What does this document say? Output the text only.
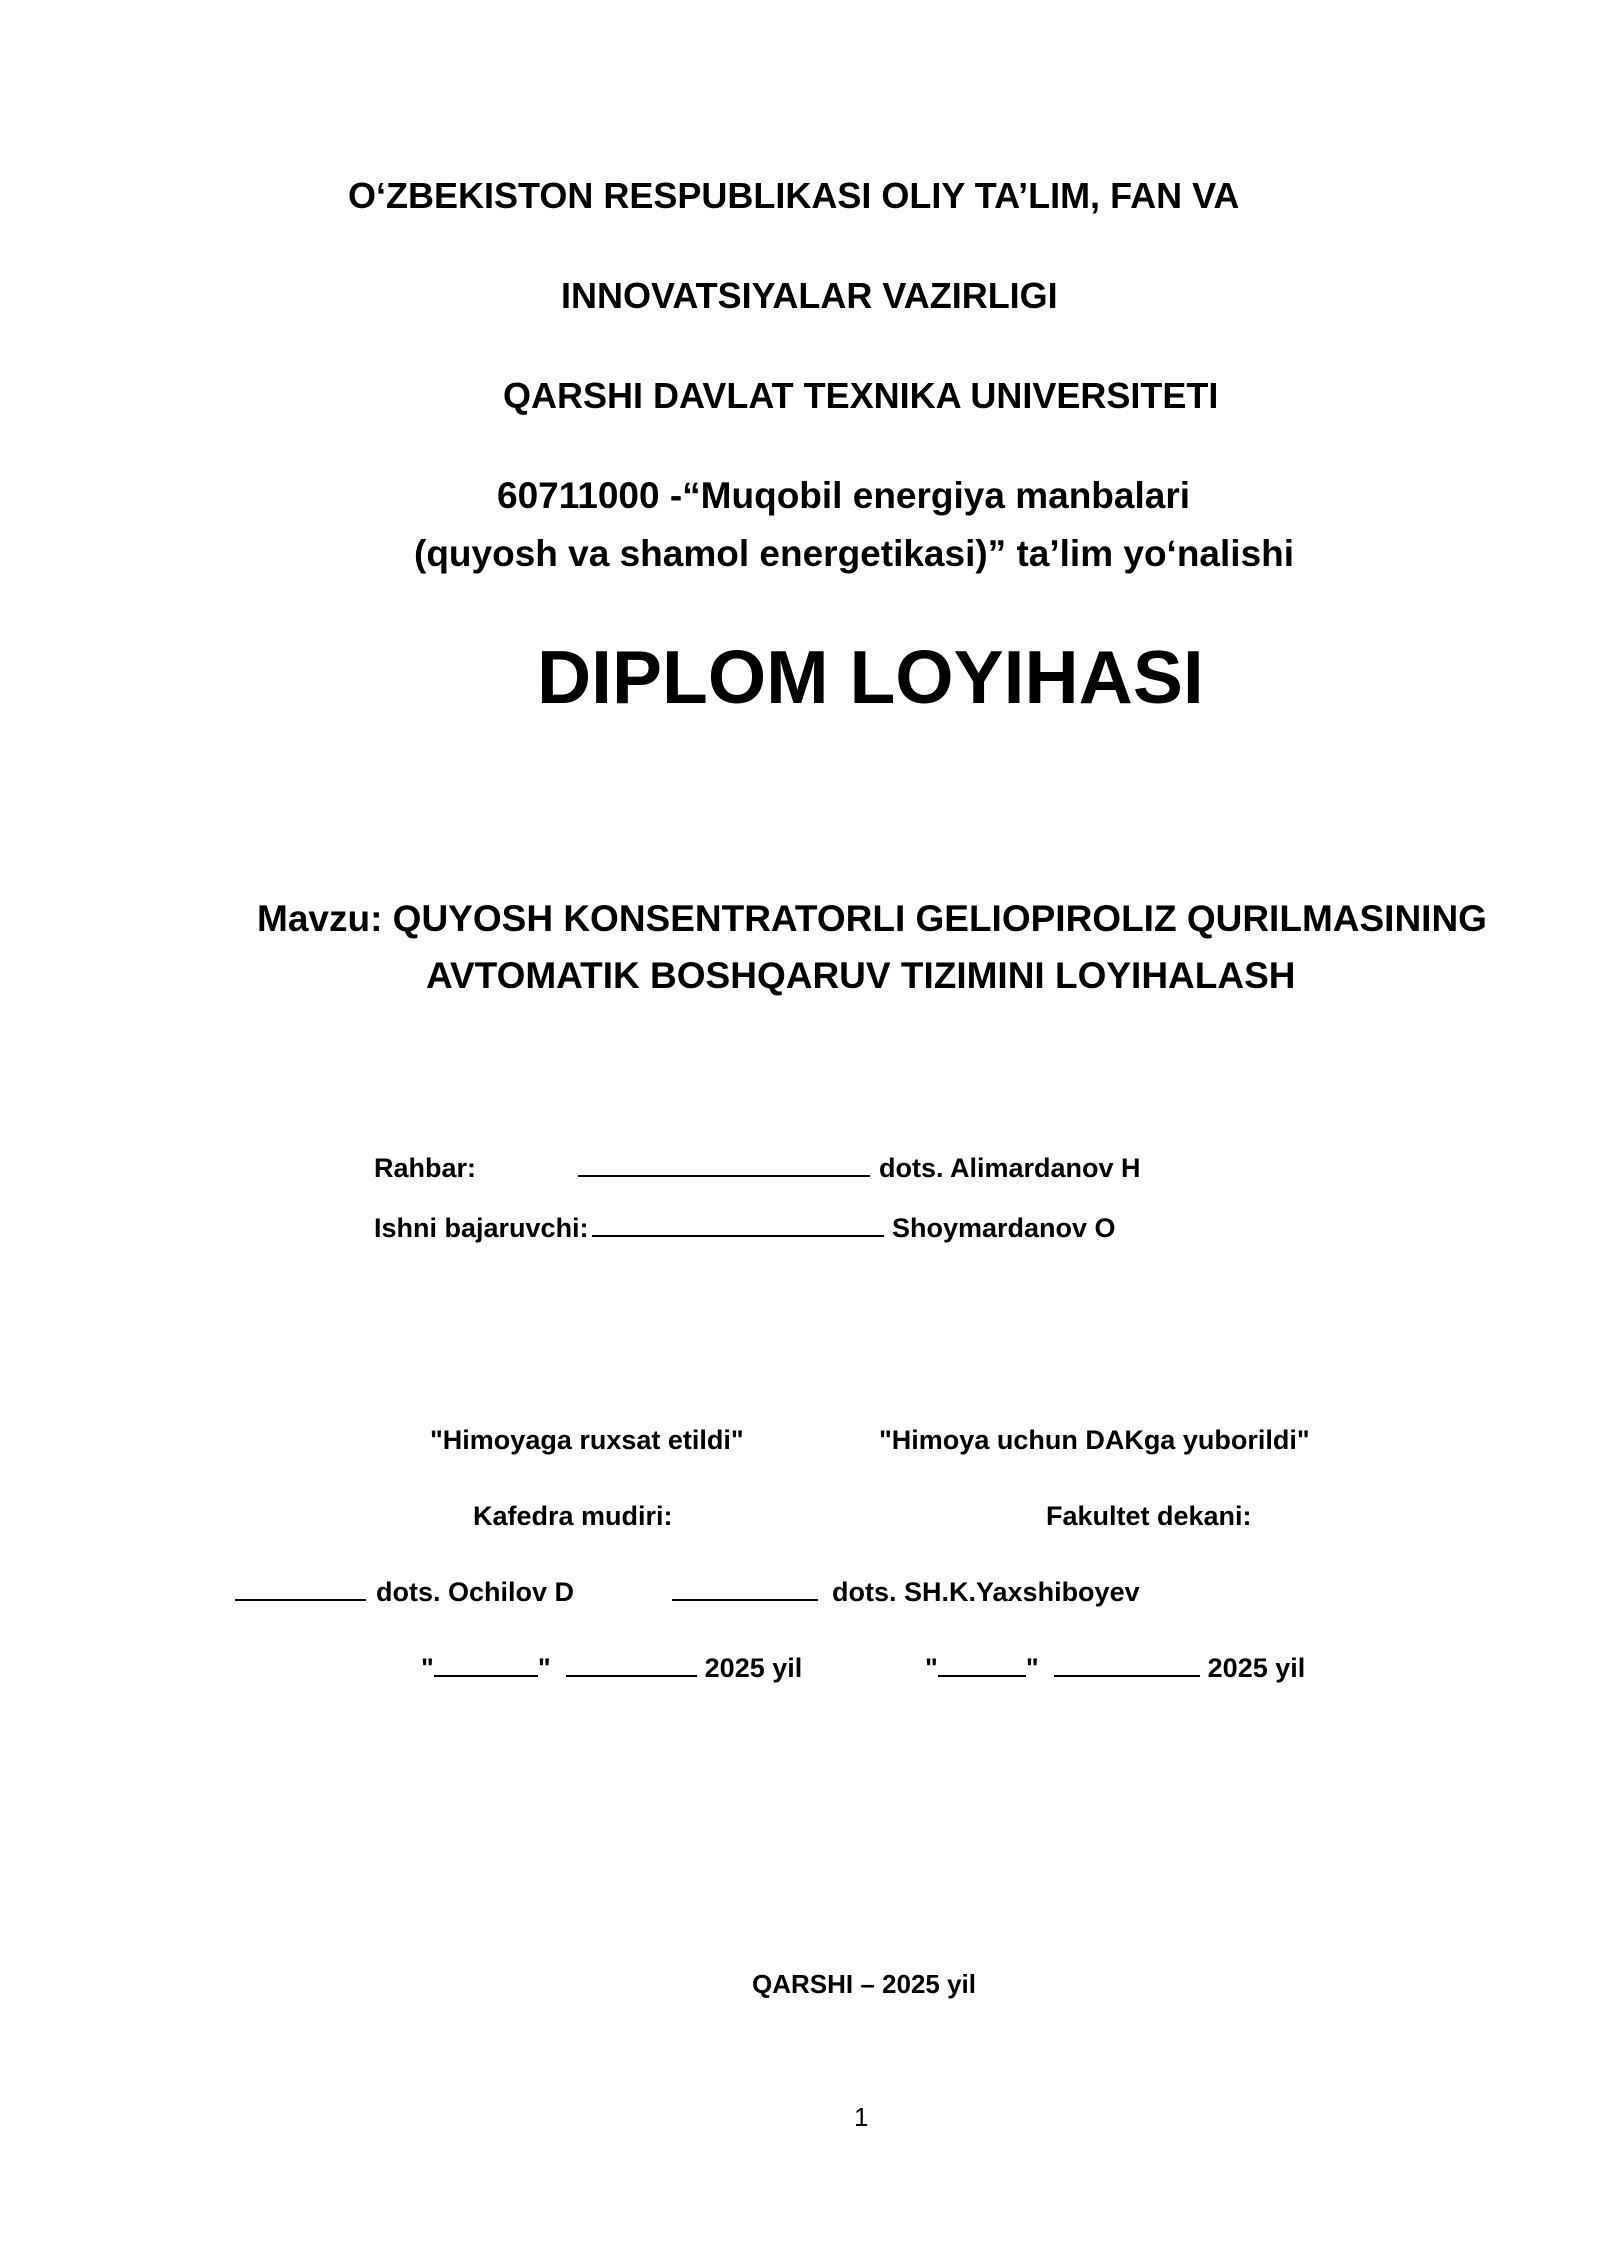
O‘ZBEKISTON RESPUBLIKASI OLIY TA’LIM, FAN VA
INNOVATSIYALAR VAZIRLIGI
QARSHI DAVLAT TEXNIKA UNIVERSITETI
60711000 -“Muqobil energiya manbalari
(quyosh va shamol energetikasi)” ta’lim yo‘nalishi
DIPLOM LOYIHASI
Mavzu: QUYOSH KONSENTRATORLI GELIOPIROLIZ QURILMASINING
AVTOMATIK BOSHQARUV TIZIMINI LOYIHALASH
Rahbar:	dots. Alimardanov H
Ishni bajaruvchi:	Shoymardanov O
"Himoyaga ruxsat etildi"	"Himoya uchun DAKga yuborildi"
Kafedra mudiri:	Fakultet dekani:
dots. Ochilov D	dots. SH.K.Yaxshiboyev
"	"	2025 yil	"	"	2025 yil
QARSHI – 2025 yil
1
